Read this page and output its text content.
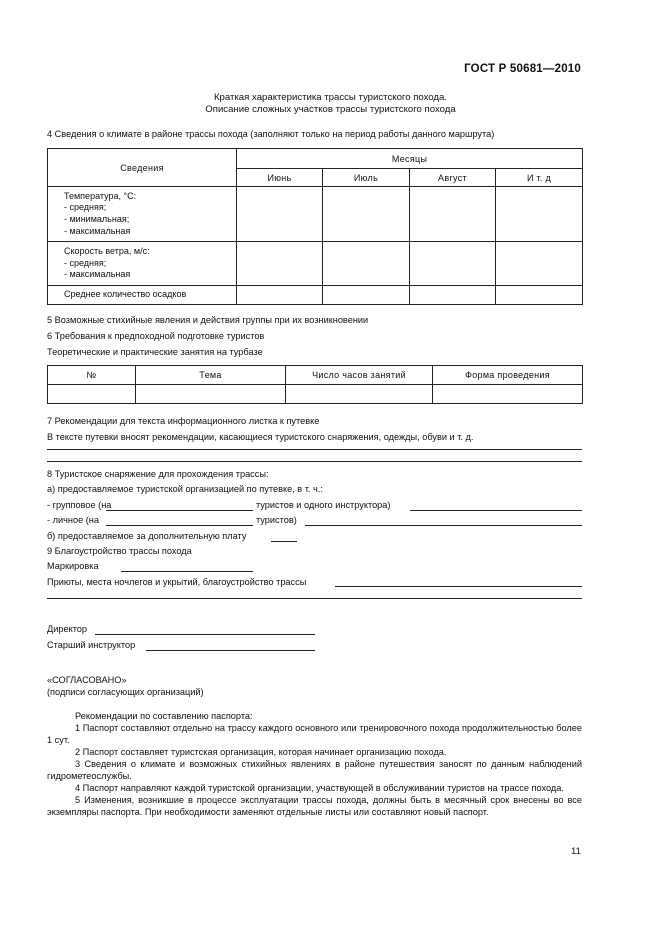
ГОСТ Р 50681—2010
Краткая характеристика трассы туристского похода.
Описание сложных участков трассы туристского похода
4 Сведения о климате в районе трассы похода (заполняют только на период работы данного маршрута)
Сведения	Месяцы			
	Июнь	Июль	Август	И т. д

Температура, °С:
- средняя;
- минимальная;
- максимальная				

Скорость ветра, м/с:
- средняя;
- максимальная				

Среднее количество осадков				

5 Возможные стихийные явления и действия группы при их возникновении
6 Требования к предпоходной подготовке туристов
Теоретические и практические занятия на турбазе
№	Тема	Число часов занятий	Форма проведения

7 Рекомендации для текста информационного листка к путевке
В тексте путевки вносят рекомендации, касающиеся туристского снаряжения, одежды, обуви и т. д.
8 Туристское снаряжение для прохождения трассы:
а) предоставляемое туристской организацией по путевке, в т. ч.:
- групповое (на	туристов и одного инструктора)
- личное (на	туристов)
б) предоставляемое за дополнительную плату
9 Благоустройство трассы похода
Маркировка
Приюты, места ночлегов и укрытий, благоустройство трассы
Директор
Старший инструктор
«СОГЛАСОВАНО»
(подписи согласующих организаций)
Рекомендации по составлению паспорта:
1 Паспорт составляют отдельно на трассу каждого основного или тренировочного похода продолжительностью более 1 сут.
2 Паспорт составляет туристская организация, которая начинает организацию похода.
3 Сведения о климате и возможных стихийных явлениях в районе путешествия заносят по данным наблюдений гидрометеослужбы.
4 Паспорт направляют каждой туристской организации, участвующей в обслуживании туристов на трассе похода.
5 Изменения, возникшие в процессе эксплуатации трассы похода, должны быть в месячный срок внесены во все экземпляры паспорта. При необходимости заменяют отдельные листы или составляют новый паспорт.
11
